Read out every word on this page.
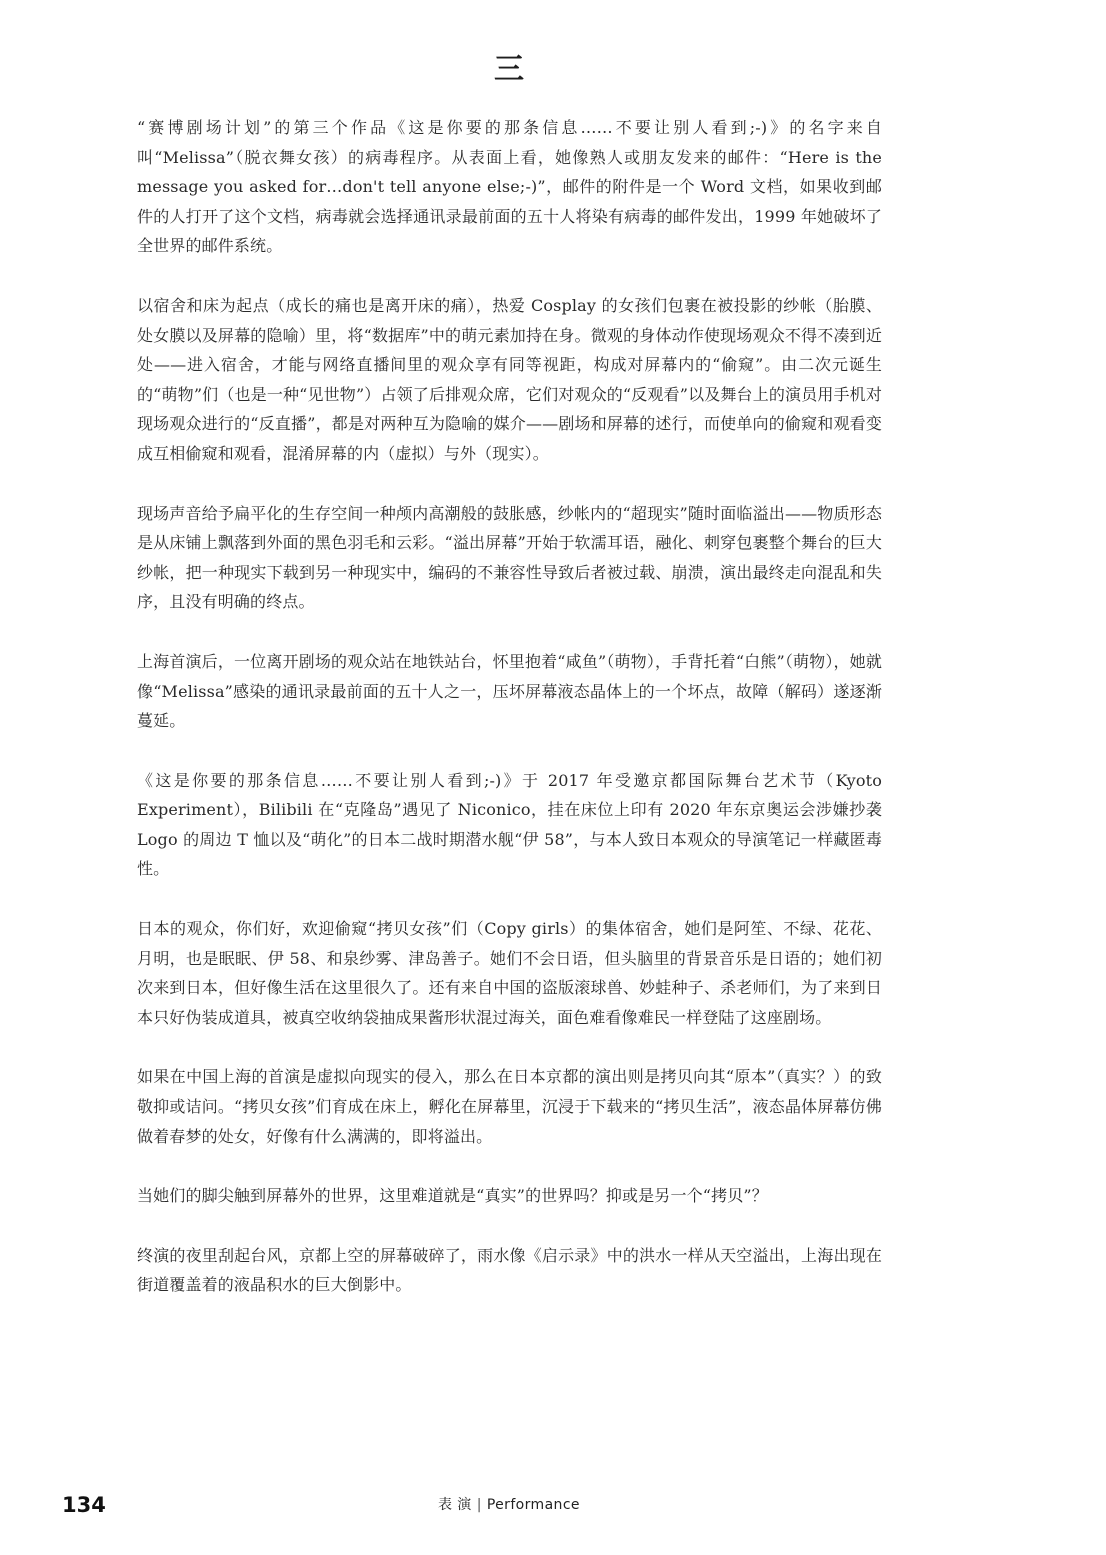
三

“赛博剧场计划”的第三个作品《这是你要的那条信息……不要让别人看到;-)》的名字来自叫“Melissa”（脱衣舞女孩）的病毒程序。从表面上看，她像熟人或朋友发来的邮件：“Here is the message you asked for…don't tell anyone else;-)”，邮件的附件是一个 Word 文档，如果收到邮件的人打开了这个文档，病毒就会选择通讯录最前面的五十人将染有病毒的邮件发出，1999 年她破坏了全世界的邮件系统。

以宿舍和床为起点（成长的痛也是离开床的痛），热爱 Cosplay 的女孩们包裹在被投影的纱帐（胎膜、处女膜以及屏幕的隐喻）里，将“数据库”中的萌元素加持在身。微观的身体动作使现场观众不得不凑到近处——进入宿舍，才能与网络直播间里的观众享有同等视距，构成对屏幕内的“偷窥”。由二次元诞生的“萌物”们（也是一种“见世物”）占领了后排观众席，它们对观众的“反观看”以及舞台上的演员用手机对现场观众进行的“反直播”，都是对两种互为隐喻的媒介——剧场和屏幕的述行，而使单向的偷窥和观看变成互相偷窥和观看，混淆屏幕的内（虚拟）与外（现实）。

现场声音给予扁平化的生存空间一种颅内高潮般的鼓胀感，纱帐内的“超现实”随时面临溢出——物质形态是从床铺上飘落到外面的黑色羽毛和云彩。“溢出屏幕”开始于软濡耳语，融化、刺穿包裹整个舞台的巨大纱帐，把一种现实下载到另一种现实中，编码的不兼容性导致后者被过载、崩溃，演出最终走向混乱和失序，且没有明确的终点。

上海首演后，一位离开剧场的观众站在地铁站台，怀里抱着“咸鱼”（萌物），手背托着“白熊”（萌物），她就像“Melissa”感染的通讯录最前面的五十人之一，压坏屏幕液态晶体上的一个坏点，故障（解码）遂逐渐蔓延。

《这是你要的那条信息……不要让别人看到;-)》于 2017 年受邀京都国际舞台艺术节（Kyoto Experiment），Bilibili 在“克隆岛”遇见了 Niconico，挂在床位上印有 2020 年东京奥运会涉嫌抄袭 Logo 的周边 T 恤以及“萌化”的日本二战时期潜水舰“伊 58”，与本人致日本观众的导演笔记一样藏匿毒性。

日本的观众，你们好，欢迎偷窥“拷贝女孩”们（Copy girls）的集体宿舍，她们是阿笙、不绿、花花、月明，也是眠眠、伊 58、和泉纱雾、津岛善子。她们不会日语，但头脑里的背景音乐是日语的；她们初次来到日本，但好像生活在这里很久了。还有来自中国的盗版滚球兽、妙蛙种子、杀老师们，为了来到日本只好伪装成道具，被真空收纳袋抽成果酱形状混过海关，面色难看像难民一样登陆了这座剧场。

如果在中国上海的首演是虚拟向现实的侵入，那么在日本京都的演出则是拷贝向其“原本”（真实？）的致敬抑或诘问。“拷贝女孩”们育成在床上，孵化在屏幕里，沉浸于下载来的“拷贝生活”，液态晶体屏幕仿佛做着春梦的处女，好像有什么满满的，即将溢出。

当她们的脚尖触到屏幕外的世界，这里难道就是“真实”的世界吗？抑或是另一个“拷贝”？

终演的夜里刮起台风，京都上空的屏幕破碎了，雨水像《启示录》中的洪水一样从天空溢出，上海出现在街道覆盖着的液晶积水的巨大倒影中。

134	表 演 | Performance
